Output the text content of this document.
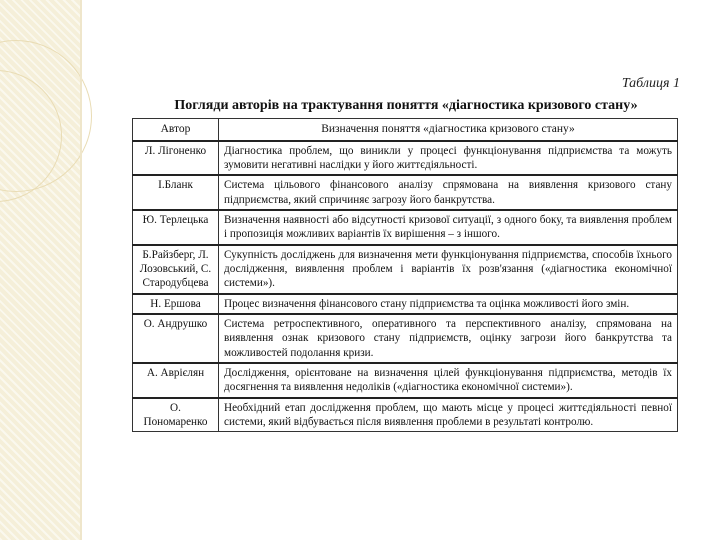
Таблиця 1
Погляди авторів на трактування поняття «діагностика кризового стану»
Автор	Визначення поняття «діагностика кризового стану»
Л. Лігоненко	Діагностика проблем, що виникли у процесі функціонування підприємства та можуть зумовити негативні наслідки у його життєдіяльності.
І.Бланк	Система цільового фінансового аналізу спрямована на виявлення кризового стану підприємства, який спричиняє загрозу його банкрутства.
Ю. Терлецька	Визначення наявності або відсутності кризової ситуації, з одного боку, та виявлення проблем і пропозиція можливих варіантів їх вирішення – з іншого.
Б.Райзберг, Л. Лозовський, С. Стародубцева	Сукупність досліджень для визначення мети функціонування підприємства, способів їхнього дослідження, виявлення проблем і варіантів їх розв'язання («діагностика економічної системи»).
Н. Ершова	Процес визначення фінансового стану підприємства та оцінка можливості його змін.
О. Андрушко	Система ретроспективного, оперативного та перспективного аналізу, спрямована на виявлення ознак кризового стану підприємств, оцінку загрози його банкрутства та можливостей подолання кризи.
А. Аврієлян	Дослідження, орієнтоване на визначення цілей функціонування підприємства, методів їх досягнення та виявлення недоліків («діагностика економічної системи»).
О. Пономаренко	Необхідний етап дослідження проблем, що мають місце у процесі життєдіяльності певної системи, який відбувається після виявлення проблеми в результаті контролю.
